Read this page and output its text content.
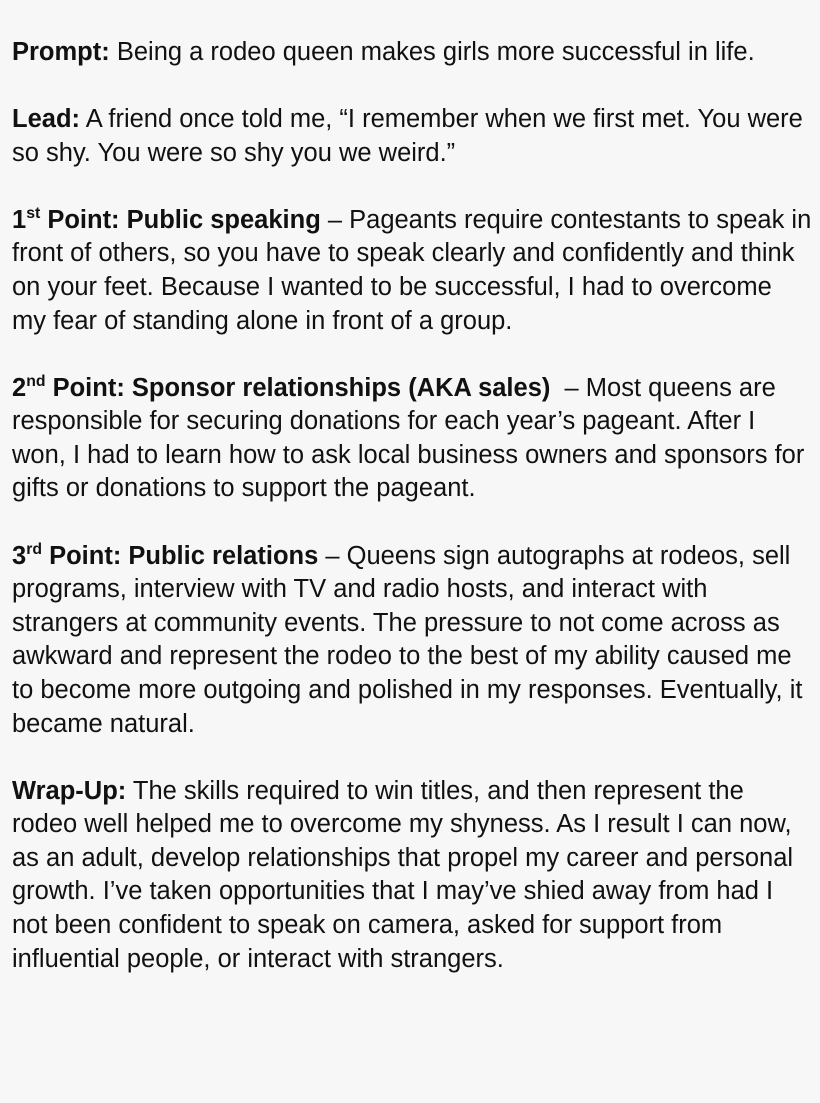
Prompt: Being a rodeo queen makes girls more successful in life.

Lead: A friend once told me, “I remember when we first met. You were so shy. You were so shy you we weird.”

1st Point: Public speaking – Pageants require contestants to speak in front of others, so you have to speak clearly and confidently and think on your feet. Because I wanted to be successful, I had to overcome my fear of standing alone in front of a group.

2nd Point: Sponsor relationships (AKA sales)  – Most queens are responsible for securing donations for each year’s pageant. After I won, I had to learn how to ask local business owners and sponsors for gifts or donations to support the pageant.

3rd Point: Public relations – Queens sign autographs at rodeos, sell programs, interview with TV and radio hosts, and interact with strangers at community events. The pressure to not come across as awkward and represent the rodeo to the best of my ability caused me to become more outgoing and polished in my responses. Eventually, it became natural.

Wrap-Up: The skills required to win titles, and then represent the rodeo well helped me to overcome my shyness. As I result I can now, as an adult, develop relationships that propel my career and personal growth. I’ve taken opportunities that I may’ve shied away from had I not been confident to speak on camera, asked for support from influential people, or interact with strangers.
